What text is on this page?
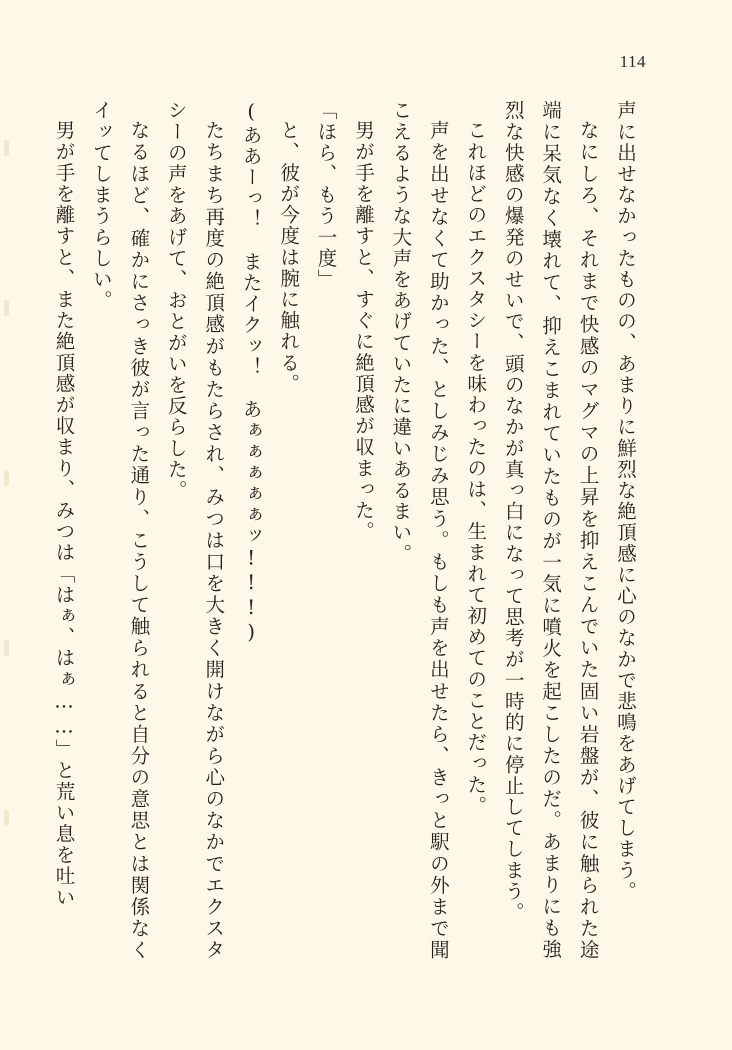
114

声に出せなかったものの、あまりに鮮烈な絶頂感に心のなかで悲鳴をあげてしまう。

なにしろ、それまで快感のマグマの上昇を抑えこんでいた固い岩盤が、彼に触られた途端に呆気なく壊れて、抑えこまれていたものが一気に噴火を起こしたのだ。あまりにも強烈な快感の爆発のせいで、頭のなかが真っ白になって思考が一時的に停止してしまう。

これほどのエクスタシーを味わったのは、生まれて初めてのことだった。

声を出せなくて助かった、としみじみ思う。もしも声を出せたら、きっと駅の外まで聞こえるような大声をあげていたに違いあるまい。

男が手を離すと、すぐに絶頂感が収まった。

「ほら、もう一度」

と、彼が今度は腕に触れる。

(ああーっ！　またイクッ！　あぁぁぁぁぁッ!!!)

たちまち再度の絶頂感がもたらされ、みつは口を大きく開けながら心のなかでエクスタシーの声をあげて、おとがいを反らした。

なるほど、確かにさっき彼が言った通り、こうして触られると自分の意思とは関係なくイッてしまうらしい。

男が手を離すと、また絶頂感が収まり、みつは「はぁ、はぁ……」と荒い息を吐い
